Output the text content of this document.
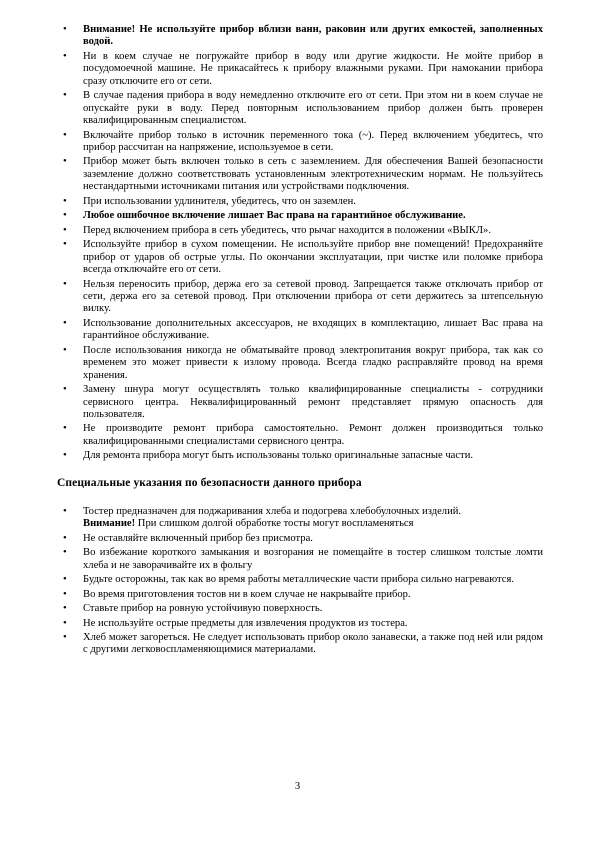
•	Внимание! Не используйте прибор вблизи ванн, раковин или других емкостей, заполненных водой.
•	Ни в коем случае не погружайте прибор в воду или другие жидкости. Не мойте прибор в посудомоечной машине. Не прикасайтесь к прибору влажными руками. При намокании прибора сразу отключите его от сети.
•	В случае падения прибора в воду немедленно отключите его от сети. При этом ни в коем случае не опускайте руки в воду. Перед повторным использованием прибор должен быть проверен квалифицированным специалистом.
•	Включайте прибор только в источник переменного тока (~). Перед включением убедитесь, что прибор рассчитан на напряжение, используемое в сети.
•	Прибор может быть включен только в сеть с заземлением. Для обеспечения Вашей безопасности заземление должно соответствовать установленным электротехническим нормам. Не пользуйтесь нестандартными источниками питания или устройствами подключения.
•	При использовании удлинителя, убедитесь, что он заземлен.
•	Любое ошибочное включение лишает Вас права на гарантийное обслуживание.
•	Перед включением прибора в сеть убедитесь, что рычаг находится в положении «ВЫКЛ».
•	Используйте прибор в сухом помещении. Не используйте прибор вне помещений! Предохраняйте прибор от ударов об острые углы. По окончании эксплуатации, при чистке или поломке прибора всегда отключайте его от сети.
•	Нельзя переносить прибор, держа его за сетевой провод. Запрещается также отключать прибор от сети, держа его за сетевой провод. При отключении прибора от сети держитесь за штепсельную вилку.
•	Использование дополнительных аксессуаров, не входящих в комплектацию, лишает Вас права на гарантийное обслуживание.
•	После использования никогда не обматывайте провод электропитания вокруг прибора, так как со временем это может привести к излому провода. Всегда гладко расправляйте провод на время хранения.
•	Замену шнура могут осуществлять только квалифицированные специалисты - сотрудники сервисного центра. Неквалифицированный ремонт представляет прямую опасность для пользователя.
•	Не производите ремонт прибора самостоятельно. Ремонт должен производиться только квалифицированными специалистами сервисного центра.
•	Для ремонта прибора могут быть использованы только оригинальные запасные части.
Специальные указания по безопасности данного прибора
•	Тостер предназначен для поджаривания хлеба и подогрева хлебобулочных изделий.
Внимание! При слишком долгой обработке тосты могут воспламеняться
•	Не оставляйте включенный прибор без присмотра.
•	Во избежание короткого замыкания и возгорания не помещайте в тостер слишком толстые ломти хлеба и не заворачивайте их в фольгу
•	Будьте осторожны, так как во время работы металлические части прибора сильно нагреваются.
•	Во время приготовления тостов ни в коем случае не накрывайте прибор.
•	Ставьте прибор на ровную устойчивую поверхность.
•	Не используйте острые предметы для извлечения продуктов из тостера.
•	Хлеб может загореться. Не следует использовать прибор около занавески, а также под ней или рядом с другими легковоспламеняющимися материалами.
3
